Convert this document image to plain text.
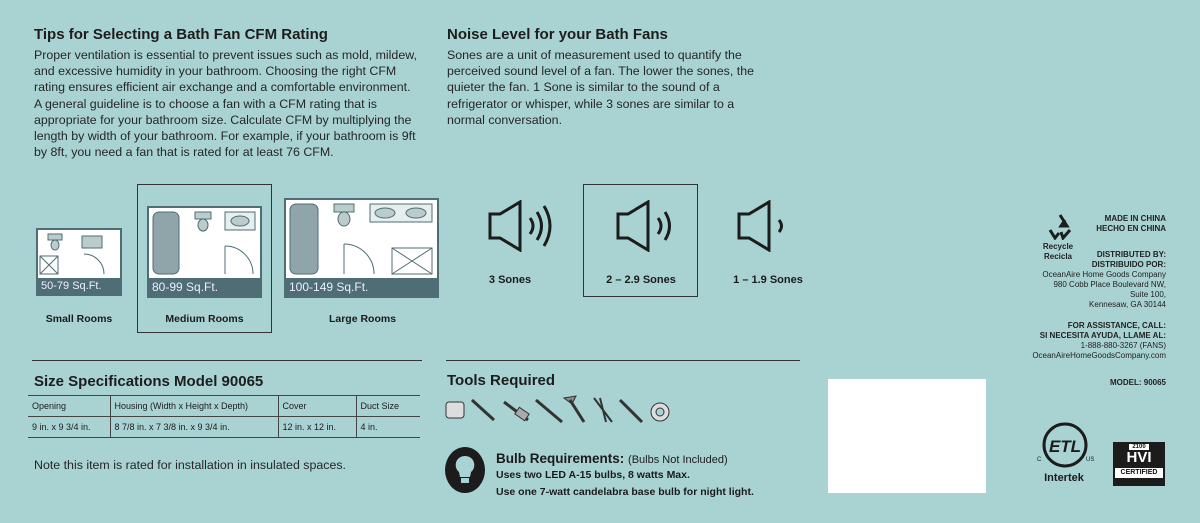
Tips for Selecting a Bath Fan CFM Rating

Proper ventilation is essential to prevent issues such as mold, mildew, and excessive humidity in your bathroom. Choosing the right CFM rating ensures efficient air exchange and a comfortable environment. A general guideline is to choose a fan with a CFM rating that is appropriate for your bathroom size. Calculate CFM by multiplying the length by width of your bathroom. For example, if your bathroom is 9ft by 8ft, you need a fan that is rated for at least 76 CFM.

50-79 Sq.Ft.
Small Rooms
80-99 Sq.Ft.
Medium Rooms
100-149 Sq.Ft.
Large Rooms
Noise Level for your Bath Fans

Sones are a unit of measurement used to quantify the perceived sound level of a fan. The lower the sones, the quieter the fan. 1 Sone is similar to the sound of a refrigerator or whisper, while 3 sones are similar to a normal conversation.

3 Sones	2 – 2.9 Sones	1 – 1.9 Sones
Size Specifications Model 90065
Opening	Housing (Width x Height x Depth)	Cover	Duct Size
9 in. x 9 3/4 in.	8 7/8 in. x 7 3/8 in. x 9 3/4 in.	12 in. x 12 in.	4 in.

Note this item is rated for installation in insulated spaces.

Tools Required
Bulb Requirements: (Bulbs Not Included)
Uses two LED A-15 bulbs, 8 watts Max.
Use one 7-watt candelabra base bulb for night light.
Recycle
Recicla
MADE IN CHINA
HECHO EN CHINA
DISTRIBUTED BY:
DISTRIBUIDO POR:
OceanAire Home Goods Company
980 Cobb Place Boulevard NW,
Suite 100,
Kennesaw, GA 30144
FOR ASSISTANCE, CALL:
SI NECESITA AYUDA, LLAME AL:
1-888-880-3267 (FANS)
OceanAireHomeGoodsCompany.com
MODEL: 90065
ETL
C	US
Intertek
2100
HVI
CERTIFIED
